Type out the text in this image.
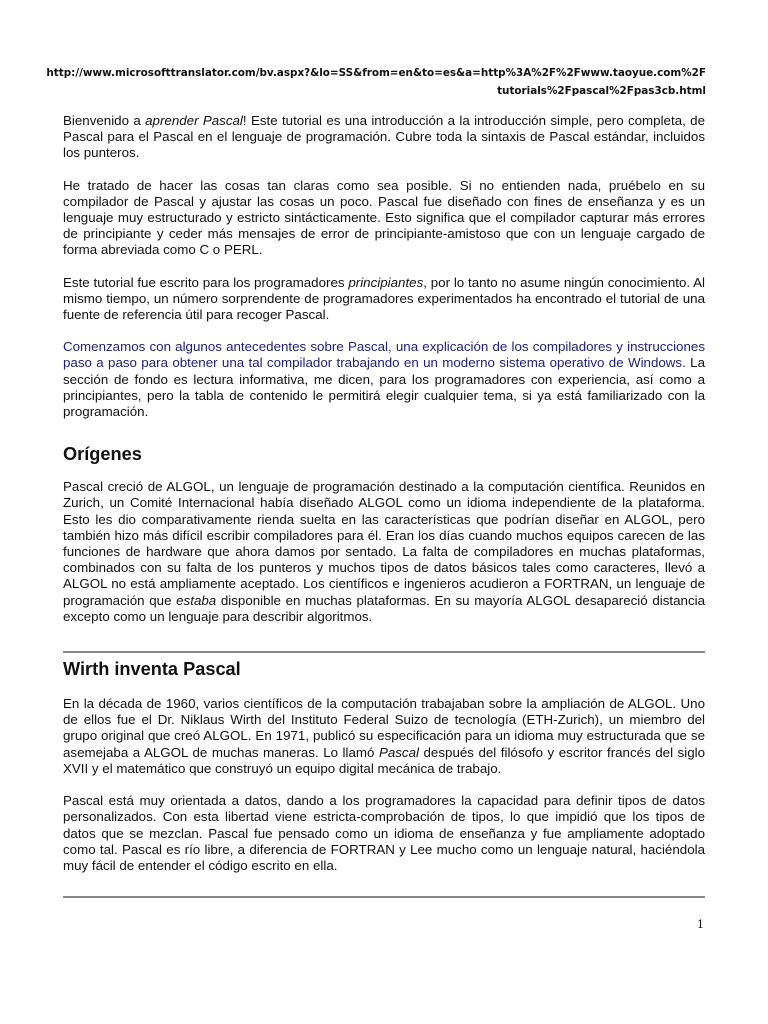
http://www.microsofttranslator.com/bv.aspx?&lo=SS&from=en&to=es&a=http%3A%2F%2Fwww.taoyue.com%2F
tutorials%2Fpascal%2Fpas3cb.html

Bienvenido a aprender Pascal! Este tutorial es una introducción a la introducción simple, pero completa, de Pascal para el Pascal en el lenguaje de programación. Cubre toda la sintaxis de Pascal estándar, incluidos los punteros.

He tratado de hacer las cosas tan claras como sea posible. Si no entienden nada, pruébelo en su compilador de Pascal y ajustar las cosas un poco. Pascal fue diseñado con fines de enseñanza y es un lenguaje muy estructurado y estricto sintácticamente. Esto significa que el compilador capturar más errores de principiante y ceder más mensajes de error de principiante-amistoso que con un lenguaje cargado de forma abreviada como C o PERL.

Este tutorial fue escrito para los programadores principiantes, por lo tanto no asume ningún conocimiento. Al mismo tiempo, un número sorprendente de programadores experimentados ha encontrado el tutorial de una fuente de referencia útil para recoger Pascal.

Comenzamos con algunos antecedentes sobre Pascal, una explicación de los compiladores y instrucciones paso a paso para obtener una tal compilador trabajando en un moderno sistema operativo de Windows. La sección de fondo es lectura informativa, me dicen, para los programadores con experiencia, así como a principiantes, pero la tabla de contenido le permitirá elegir cualquier tema, si ya está familiarizado con la programación.

Orígenes

Pascal creció de ALGOL, un lenguaje de programación destinado a la computación científica. Reunidos en Zurich, un Comité Internacional había diseñado ALGOL como un idioma independiente de la plataforma. Esto les dio comparativamente rienda suelta en las características que podrían diseñar en ALGOL, pero también hizo más difícil escribir compiladores para él. Eran los días cuando muchos equipos carecen de las funciones de hardware que ahora damos por sentado. La falta de compiladores en muchas plataformas, combinados con su falta de los punteros y muchos tipos de datos básicos tales como caracteres, llevó a ALGOL no está ampliamente aceptado. Los científicos e ingenieros acudieron a FORTRAN, un lenguaje de programación que estaba disponible en muchas plataformas. En su mayoría ALGOL desapareció distancia excepto como un lenguaje para describir algoritmos.

Wirth inventa Pascal

En la década de 1960, varios científicos de la computación trabajaban sobre la ampliación de ALGOL. Uno de ellos fue el Dr. Niklaus Wirth del Instituto Federal Suizo de tecnología (ETH-Zurich), un miembro del grupo original que creó ALGOL. En 1971, publicó su especificación para un idioma muy estructurada que se asemejaba a ALGOL de muchas maneras. Lo llamó Pascal después del filósofo y escritor francés del siglo XVII y el matemático que construyó un equipo digital mecánica de trabajo.

Pascal está muy orientada a datos, dando a los programadores la capacidad para definir tipos de datos personalizados. Con esta libertad viene estricta-comprobación de tipos, lo que impidió que los tipos de datos que se mezclan. Pascal fue pensado como un idioma de enseñanza y fue ampliamente adoptado como tal. Pascal es río libre, a diferencia de FORTRAN y Lee mucho como un lenguaje natural, haciéndola muy fácil de entender el código escrito en ella.

1
